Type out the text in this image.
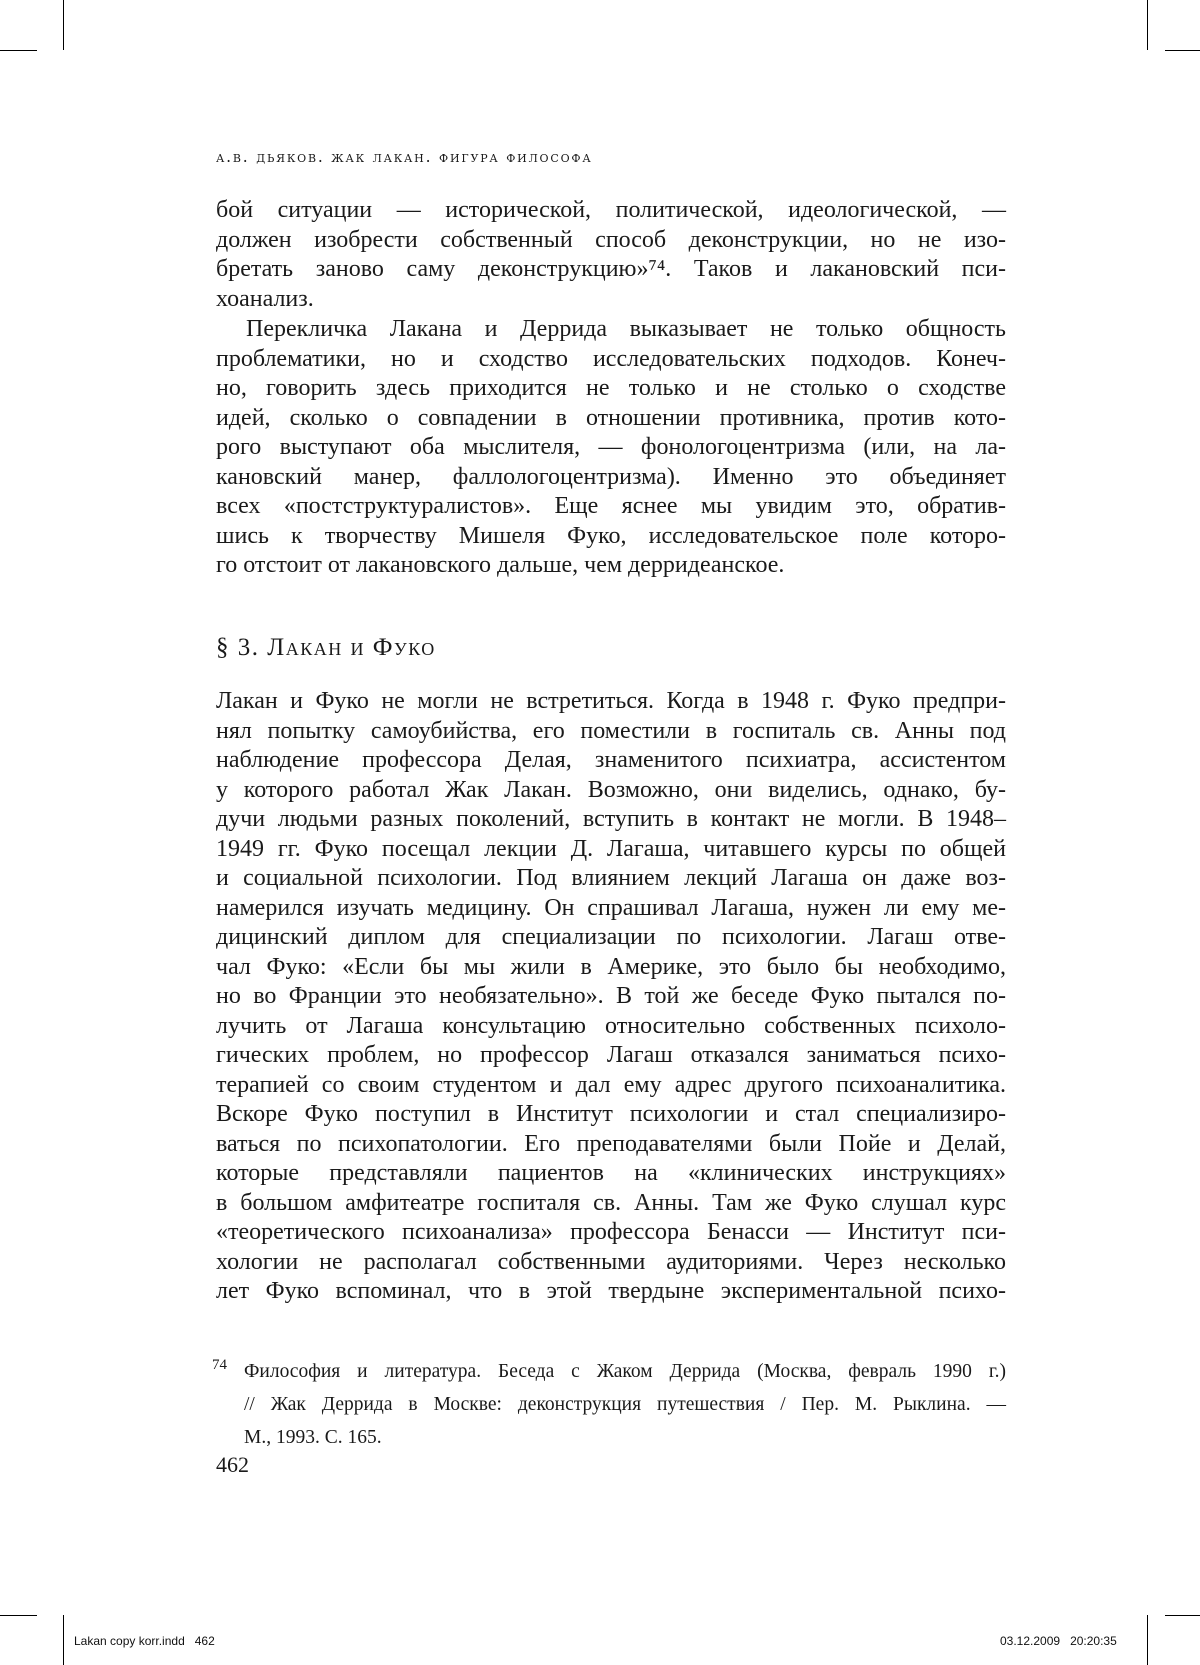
а.в. дьяков. жак лакан. фигура философа
бой ситуации — исторической, политической, идеологической, —
должен изобрести собственный способ деконструкции, но не изо-
бретать заново саму деконструкцию»⁷⁴. Таков и лакановский пси-
хоанализ.
Перекличка Лакана и Деррида выказывает не только общность
проблематики, но и сходство исследовательских подходов. Конеч-
но, говорить здесь приходится не только и не столько о сходстве
идей, сколько о совпадении в отношении противника, против кото-
рого выступают оба мыслителя, — фонологоцентризма (или, на ла-
кановский манер, фаллологоцентризма). Именно это объединяет
всех «постструктуралистов». Еще яснее мы увидим это, обратив-
шись к творчеству Мишеля Фуко, исследовательское поле которо-
го отстоит от лакановского дальше, чем дерридеанское.
§ 3. Лакан и Фуко
Лакан и Фуко не могли не встретиться. Когда в 1948 г. Фуко предпри-
нял попытку самоубийства, его поместили в госпиталь св. Анны под
наблюдение профессора Делая, знаменитого психиатра, ассистентом
у которого работал Жак Лакан. Возможно, они виделись, однако, бу-
дучи людьми разных поколений, вступить в контакт не могли. В 1948–
1949 гг. Фуко посещал лекции Д. Лагаша, читавшего курсы по общей
и социальной психологии. Под влиянием лекций Лагаша он даже воз-
намерился изучать медицину. Он спрашивал Лагаша, нужен ли ему ме-
дицинский диплом для специализации по психологии. Лагаш отве-
чал Фуко: «Если бы мы жили в Америке, это было бы необходимо,
но во Франции это необязательно». В той же беседе Фуко пытался по-
лучить от Лагаша консультацию относительно собственных психоло-
гических проблем, но профессор Лагаш отказался заниматься психо-
терапией со своим студентом и дал ему адрес другого психоаналитика.
Вскоре Фуко поступил в Институт психологии и стал специализиро-
ваться по психопатологии. Его преподавателями были Пойе и Делай,
которые представляли пациентов на «клинических инструкциях»
в большом амфитеатре госпиталя св. Анны. Там же Фуко слушал курс
«теоретического психоанализа» профессора Бенасси — Институт пси-
хологии не располагал собственными аудиториями. Через несколько
лет Фуко вспоминал, что в этой твердыне экспериментальной психо-
74 Философия и литература. Беседа с Жаком Деррида (Москва, февраль 1990 г.)
// Жак Деррида в Москве: деконструкция путешествия / Пер. М. Рыклина. —
М., 1993. С. 165.
462
Lakan copy korr.indd 462	03.12.2009 20:20:35
